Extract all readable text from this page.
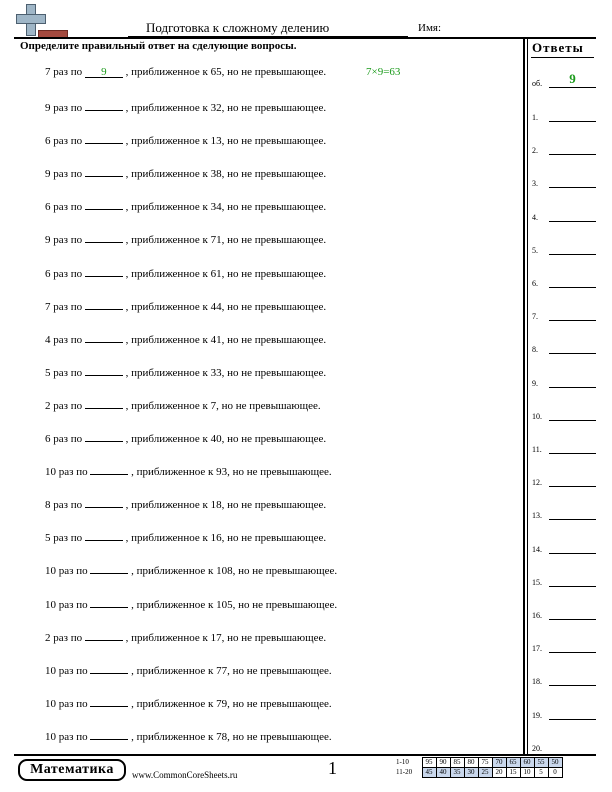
Подготовка к сложному делению	Имя:
Определите правильный ответ на сделующие вопросы.
7 раз по 9 , приближенное к 65, но не превышающее.	7×9=63
9 раз по	, приближенное к 32, но не превышающее.
6 раз по	, приближенное к 13, но не превышающее.
9 раз по	, приближенное к 38, но не превышающее.
6 раз по	, приближенное к 34, но не превышающее.
9 раз по	, приближенное к 71, но не превышающее.
6 раз по	, приближенное к 61, но не превышающее.
7 раз по	, приближенное к 44, но не превышающее.
4 раз по	, приближенное к 41, но не превышающее.
5 раз по	, приближенное к 33, но не превышающее.
2 раз по	, приближенное к 7, но не превышающее.
6 раз по	, приближенное к 40, но не превышающее.
10 раз по	, приближенное к 93, но не превышающее.
8 раз по	, приближенное к 18, но не превышающее.
5 раз по	, приближенное к 16, но не превышающее.
10 раз по	, приближенное к 108, но не превышающее.
10 раз по	, приближенное к 105, но не превышающее.
2 раз по	, приближенное к 17, но не превышающее.
10 раз по	, приближенное к 77, но не превышающее.
10 раз по	, приближенное к 79, но не превышающее.
10 раз по	, приближенное к 78, но не превышающее.
Ответы
об.	9
1.
2.
3.
4.
5.
6.
7.
8.
9.
10.
11.
12.
13.
14.
15.
16.
17.
18.
19.
20.
Математика	www.CommonCoreSheets.ru	1	1-10	95	90	85	80	75	70	65	60	55	50
11-20	45	40	35	30	25	20	15	10	5	0
